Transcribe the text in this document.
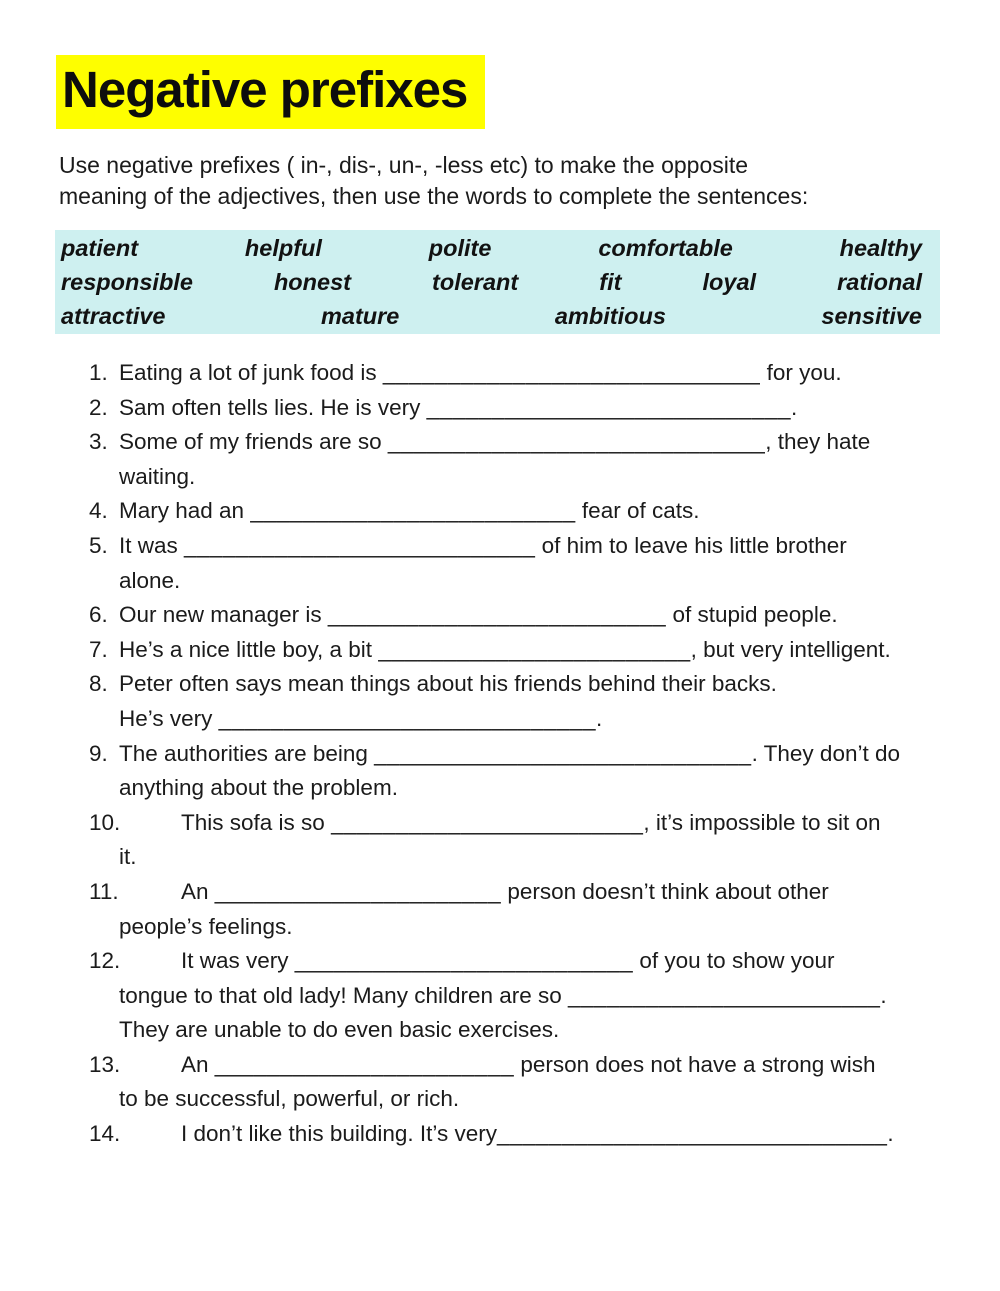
Negative prefixes
Use negative prefixes ( in-, dis-, un-, -less etc) to make the opposite
meaning of the adjectives, then use the words to complete the sentences:
patient	helpful	polite	comfortable	healthy
responsible	honest	tolerant	fit	loyal	rational
attractive	mature	ambitious	sensitive
1. Eating a lot of junk food is _____________________________ for you.
2. Sam often tells lies. He is very ____________________________.
3. Some of my friends are so _____________________________, they hate
waiting.
4. Mary had an _________________________ fear of cats.
5. It was ___________________________ of him to leave his little brother
alone.
6. Our new manager is __________________________ of stupid people.
7. He’s a nice little boy, a bit ________________________, but very intelligent.
8. Peter often says mean things about his friends behind their backs.
He’s very _____________________________.
9. The authorities are being _____________________________. They don’t do
anything about the problem.
10.	This sofa is so ________________________, it’s impossible to sit on
it.
11.	An ______________________ person doesn’t think about other
people’s feelings.
12.	It was very __________________________ of you to show your
tongue to that old lady! Many children are so ________________________.
They are unable to do even basic exercises.
13.	An _______________________ person does not have a strong wish
to be successful, powerful, or rich.
14.	I don’t like this building. It’s very______________________________.
